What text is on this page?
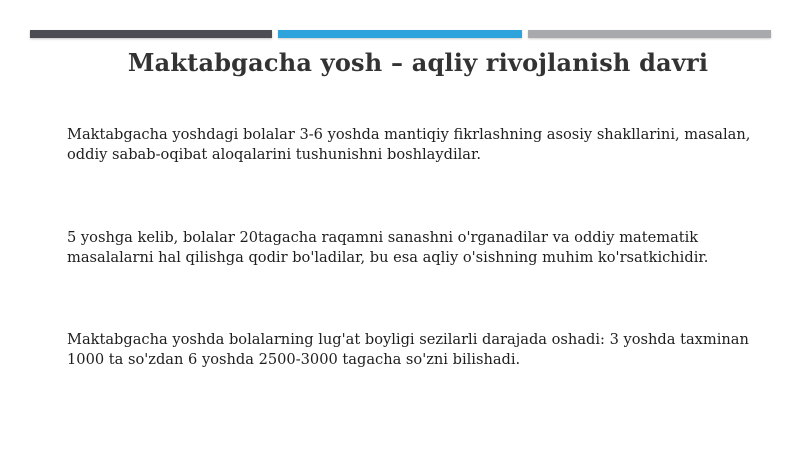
Maktabgacha yosh – aqliy rivojlanish davri
Maktabgacha yoshdagi bolalar 3-6 yoshda mantiqiy fikrlashning asosiy shakllarini, masalan, oddiy sabab-oqibat aloqalarini tushunishni boshlaydilar.
5 yoshga kelib, bolalar 20tagacha raqamni sanashni o'rganadilar va oddiy matematik masalalarni hal qilishga qodir bo'ladilar, bu esa aqliy o'sishning muhim ko'rsatkichidir.
Maktabgacha yoshda bolalarning lug'at boyligi sezilarli darajada oshadi: 3 yoshda taxminan 1000 ta so'zdan 6 yoshda 2500-3000 tagacha so'zni bilishadi.
